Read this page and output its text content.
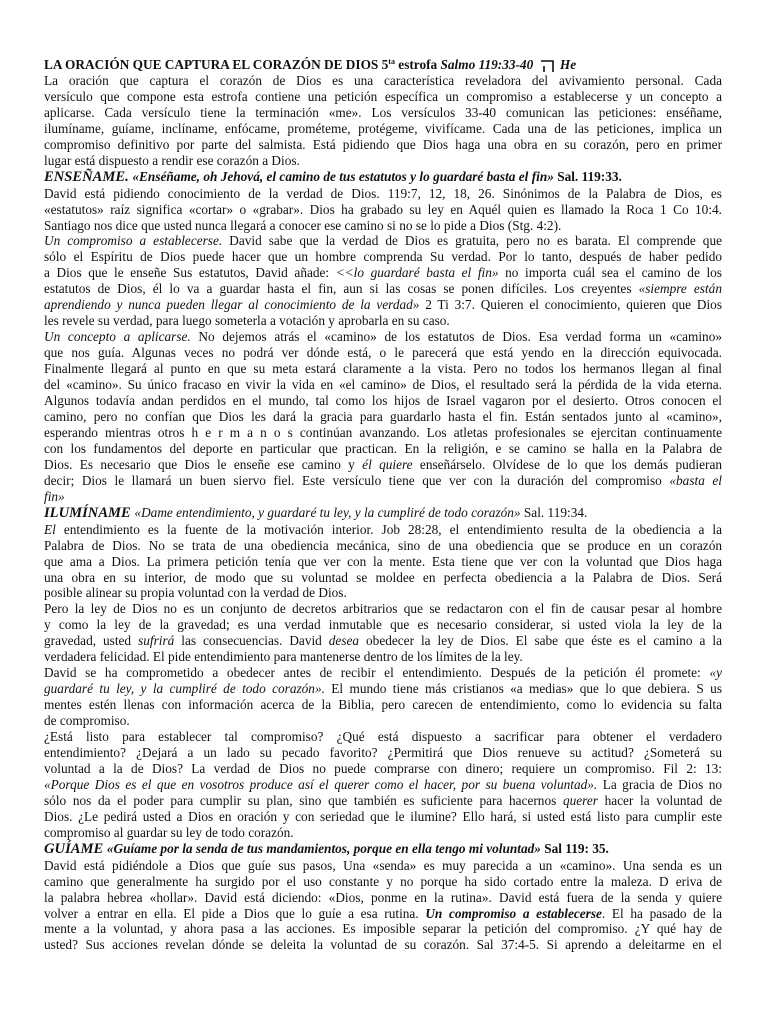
LA ORACIÓN QUE CAPTURA EL CORAZÓN DE DIOS $5^{ta}$ estrofa Salmo 119:33-40
He
La oración que captura el corazón de Dios es una característica reveladora del avivamiento personal. Cada
versículo que compone esta estrofa contiene una petición específica un compromiso a establecerse y un concepto a
aplicarse. Cada versículo tiene la terminación «me». Los versículos 33-40 comunican las peticiones: enséñame,
ilumíname, guíame, inclíname, enfócame, prométeme, protégeme, vivifícame. Cada una de las peticiones, implica un
compromiso definitivo por parte del salmista. Está pidiendo que Dios haga una obra en su corazón, pero en primer
lugar está dispuesto a rendir ese corazón a Dios.
ENSEÑAME. «Enséñame, oh Jehová, el camino de tus estatutos y lo guardaré basta el fin» Sal. 119:33.
David está pidiendo conocimiento de la verdad de Dios. 119:7, 12, 18, 26. Sinónimos de la Palabra de Dios, es
«estatutos» raíz significa «cortar» o «grabar». Dios ha grabado su ley en Aquél quien es llamado la Roca 1 Co 10:4.
Santiago nos dice que usted nunca llegará a conocer ese camino si no se lo pide a Dios (Stg. 4:2).
Un compromiso a establecerse. David sabe que la verdad de Dios es gratuita, pero no es barata. El comprende que
sólo el Espíritu de Dios puede hacer que un hombre comprenda Su verdad. Por lo tanto, después de haber pedido
a Dios que le enseñe Sus estatutos, David añade: <<lo guardaré basta el fin» no importa cuál sea el camino de los
estatutos de Dios, él lo va a guardar hasta el fin, aun si las cosas se ponen difíciles. Los creyentes «siempre están
aprendiendo y nunca pueden llegar al conocimiento de la verdad» 2 Ti 3:7. Quieren el conocimiento, quieren que Dios
les revele su verdad, para luego someterla a votación y aprobarla en su caso.
Un concepto a aplicarse. No dejemos atrás el «camino» de los estatutos de Dios. Esa verdad forma un «camino»
que nos guía. Algunas veces no podrá ver dónde está, o le parecerá que está yendo en la dirección equivocada.
Finalmente llegará al punto en que su meta estará claramente a la vista. Pero no todos los hermanos llegan al final
del «camino». Su único fracaso en vivir la vida en «el camino» de Dios, el resultado será la pérdida de la vida eterna.
Algunos todavía andan perdidos en el mundo, tal como los hijos de Israel vagaron por el desierto. Otros conocen el
camino, pero no confían que Dios les dará la gracia para guardarlo hasta el fin. Están sentados junto al «camino»,
esperando mientras otros h e r m a n o s continúan avanzando. Los atletas profesionales se ejercitan continuamente
con los fundamentos del deporte en particular que practican. En la religión, e se camino se halla en la Palabra de
Dios. Es necesario que Dios le enseñe ese camino y él quiere enseñárselo. Olvídese de lo que los demás pudieran
decir; Dios le llamará un buen siervo fiel. Este versículo tiene que ver con la duración del compromiso «basta el
fin»
ILUMÍNAME «Dame entendimiento, y guardaré tu ley, y la cumpliré de todo corazón» Sal. 119:34.
El entendimiento es la fuente de la motivación interior. Job 28:28, el entendimiento resulta de la obediencia a la
Palabra de Dios. No se trata de una obediencia mecánica, sino de una obediencia que se produce en un corazón
que ama a Dios. La primera petición tenía que ver con la mente. Esta tiene que ver con la voluntad que Dios haga
una obra en su interior, de modo que su voluntad se moldee en perfecta obediencia a la Palabra de Dios. Será
posible alinear su propia voluntad con la verdad de Dios.
Pero la ley de Dios no es un conjunto de decretos arbitrarios que se redactaron con el fin de causar pesar al hombre
y como la ley de la gravedad; es una verdad inmutable que es necesario considerar, si usted viola la ley de la
gravedad, usted sufrirá las consecuencias. David desea obedecer la ley de Dios. El sabe que éste es el camino a la
verdadera felicidad. El pide entendimiento para mantenerse dentro de los límites de la ley.
David se ha comprometido a obedecer antes de recibir el entendimiento. Después de la petición él promete: «y
guardaré tu ley, y la cumpliré de todo corazón». El mundo tiene más cristianos «a medias» que lo que debiera. S us
mentes estén llenas con información acerca de la Biblia, pero carecen de entendimiento, como lo evidencia su falta
de compromiso.
¿Está listo para establecer tal compromiso? ¿Qué está dispuesto a sacrificar para obtener el verdadero
entendimiento? ¿Dejará a un lado su pecado favorito? ¿Permitirá que Dios renueve su actitud? ¿Someterá su
voluntad a la de Dios? La verdad de Dios no puede comprarse con dinero; requiere un compromiso. Fil 2: 13:
«Porque Dios es el que en vosotros produce así el querer como el hacer, por su buena voluntad». La gracia de Dios no
sólo nos da el poder para cumplir su plan, sino que también es suficiente para hacernos querer hacer la voluntad de
Dios. ¿Le pedirá usted a Dios en oración y con seriedad que le ilumine? Ello hará, si usted está listo para cumplir este
compromiso al guardar su ley de todo corazón.
GUÍAME «Guíame por la senda de tus mandamientos, porque en ella tengo mi voluntad» Sal 119: 35.
David está pidiéndole a Dios que guíe sus pasos, Una «senda» es muy parecida a un «camino». Una senda es un
camino que generalmente ha surgido por el uso constante y no porque ha sido cortado entre la maleza. D eriva de
la palabra hebrea «hollar». David está diciendo: «Dios, ponme en la rutina». David está fuera de la senda y quiere
volver a entrar en ella. El pide a Dios que lo guíe a esa rutina. Un compromiso a establecerse. El ha pasado de la
mente a la voluntad, y ahora pasa a las acciones. Es imposible separar la petición del compromiso. ¿Y qué hay de
usted? Sus acciones revelan dónde se deleita la voluntad de su corazón. Sal 37:4-5. Si aprendo a deleitarme en el
